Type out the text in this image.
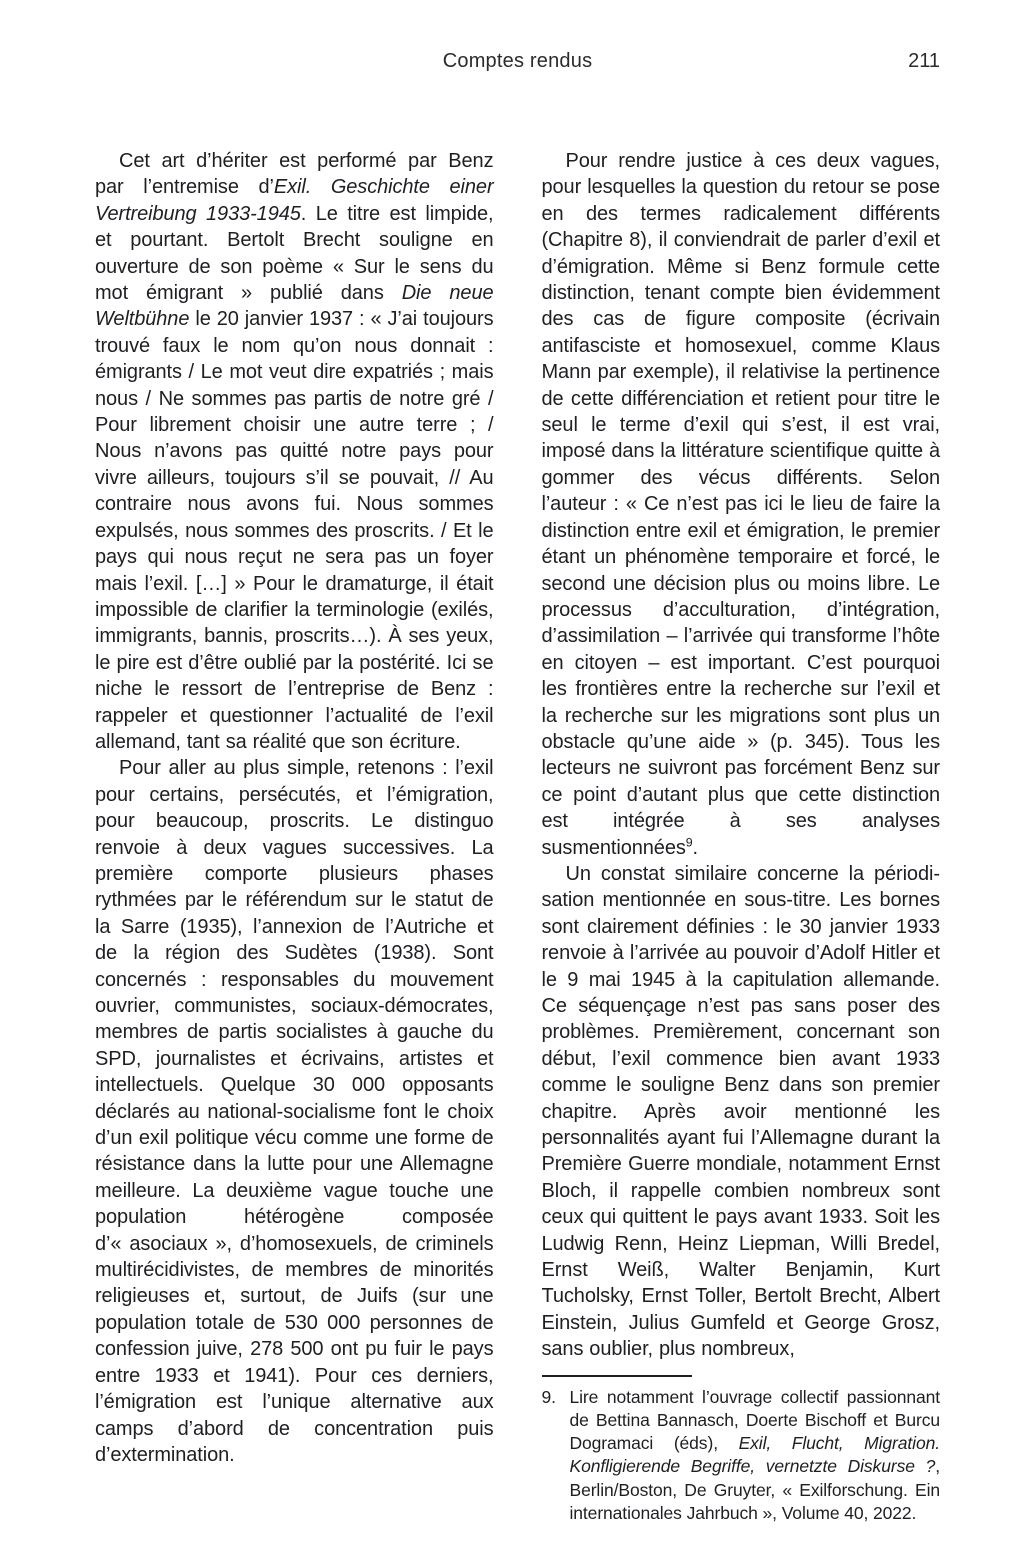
Comptes rendus	211

Cet art d’hériter est performé par Benz par l’entremise d’Exil. Geschichte einer Vertreibung 1933-1945. Le titre est limpide, et pourtant. Bertolt Brecht souligne en ouverture de son poème « Sur le sens du mot émigrant » publié dans Die neue Weltbühne le 20 janvier 1937 : « J’ai toujours trouvé faux le nom qu’on nous donnait : émigrants / Le mot veut dire expatriés ; mais nous / Ne sommes pas partis de notre gré / Pour librement choisir une autre terre ; / Nous n’avons pas quitté notre pays pour vivre ailleurs, toujours s’il se pouvait, // Au contraire nous avons fui. Nous sommes expulsés, nous sommes des proscrits. / Et le pays qui nous reçut ne sera pas un foyer mais l’exil. […] » Pour le dramaturge, il était impossible de clarifier la terminologie (exilés, immigrants, bannis, proscrits…). À ses yeux, le pire est d’être oublié par la postérité. Ici se niche le ressort de l’entreprise de Benz : rappeler et questionner l’actualité de l’exil allemand, tant sa réalité que son écriture.

Pour aller au plus simple, retenons : l’exil pour certains, persécutés, et l’émigration, pour beaucoup, proscrits. Le distinguo renvoie à deux vagues successives. La première comporte plusieurs phases rythmées par le référendum sur le statut de la Sarre (1935), l’annexion de l’Autriche et de la région des Sudètes (1938). Sont concernés : responsables du mouvement ouvrier, communistes, sociaux-démocrates, membres de partis socialistes à gauche du SPD, journalistes et écrivains, artistes et intellectuels. Quelque 30 000 opposants déclarés au national-socialisme font le choix d’un exil politique vécu comme une forme de résistance dans la lutte pour une Allemagne meilleure. La deuxième vague touche une population hétérogène composée d’« asociaux », d’homosexuels, de criminels multirécidivistes, de membres de minorités religieuses et, surtout, de Juifs (sur une population totale de 530 000 personnes de confession juive, 278 500 ont pu fuir le pays entre 1933 et 1941). Pour ces derniers, l’émigration est l’unique alternative aux camps d’abord de concentration puis d’extermination.

Pour rendre justice à ces deux vagues, pour lesquelles la question du retour se pose en des termes radicalement différents (Chapitre 8), il conviendrait de parler d’exil et d’émigration. Même si Benz formule cette distinction, tenant compte bien évidemment des cas de figure composite (écrivain antifasciste et homosexuel, comme Klaus Mann par exemple), il relativise la pertinence de cette différenciation et retient pour titre le seul le terme d’exil qui s’est, il est vrai, imposé dans la littérature scientifique quitte à gommer des vécus différents. Selon l’auteur : « Ce n’est pas ici le lieu de faire la distinction entre exil et émigration, le premier étant un phénomène temporaire et forcé, le second une décision plus ou moins libre. Le processus d’acculturation, d’intégration, d’assimilation – l’arrivée qui transforme l’hôte en citoyen – est important. C’est pourquoi les frontières entre la recherche sur l’exil et la recherche sur les migrations sont plus un obstacle qu’une aide » (p. 345). Tous les lecteurs ne suivront pas forcément Benz sur ce point d’autant plus que cette distinction est intégrée à ses analyses susmentionnées$^9$.

Un constat similaire concerne la périodisation mentionnée en sous-titre. Les bornes sont clairement définies : le 30 janvier 1933 renvoie à l’arrivée au pouvoir d’Adolf Hitler et le 9 mai 1945 à la capitulation allemande. Ce séquençage n’est pas sans poser des problèmes. Premièrement, concernant son début, l’exil commence bien avant 1933 comme le souligne Benz dans son premier chapitre. Après avoir mentionné les personnalités ayant fui l’Allemagne durant la Première Guerre mondiale, notamment Ernst Bloch, il rappelle combien nombreux sont ceux qui quittent le pays avant 1933. Soit les Ludwig Renn, Heinz Liepman, Willi Bredel, Ernst Weiß, Walter Benjamin, Kurt Tucholsky, Ernst Toller, Bertolt Brecht, Albert Einstein, Julius Gumfeld et George Grosz, sans oublier, plus nombreux,

9. Lire notamment l’ouvrage collectif passionnant de Bettina Bannasch, Doerte Bischoff et Burcu Dogramaci (éds), Exil, Flucht, Migration. Konfligierende Begriffe, vernetzte Diskurse ?, Berlin/Boston, De Gruyter, « Exilforschung. Ein internationales Jahrbuch », Volume 40, 2022.
